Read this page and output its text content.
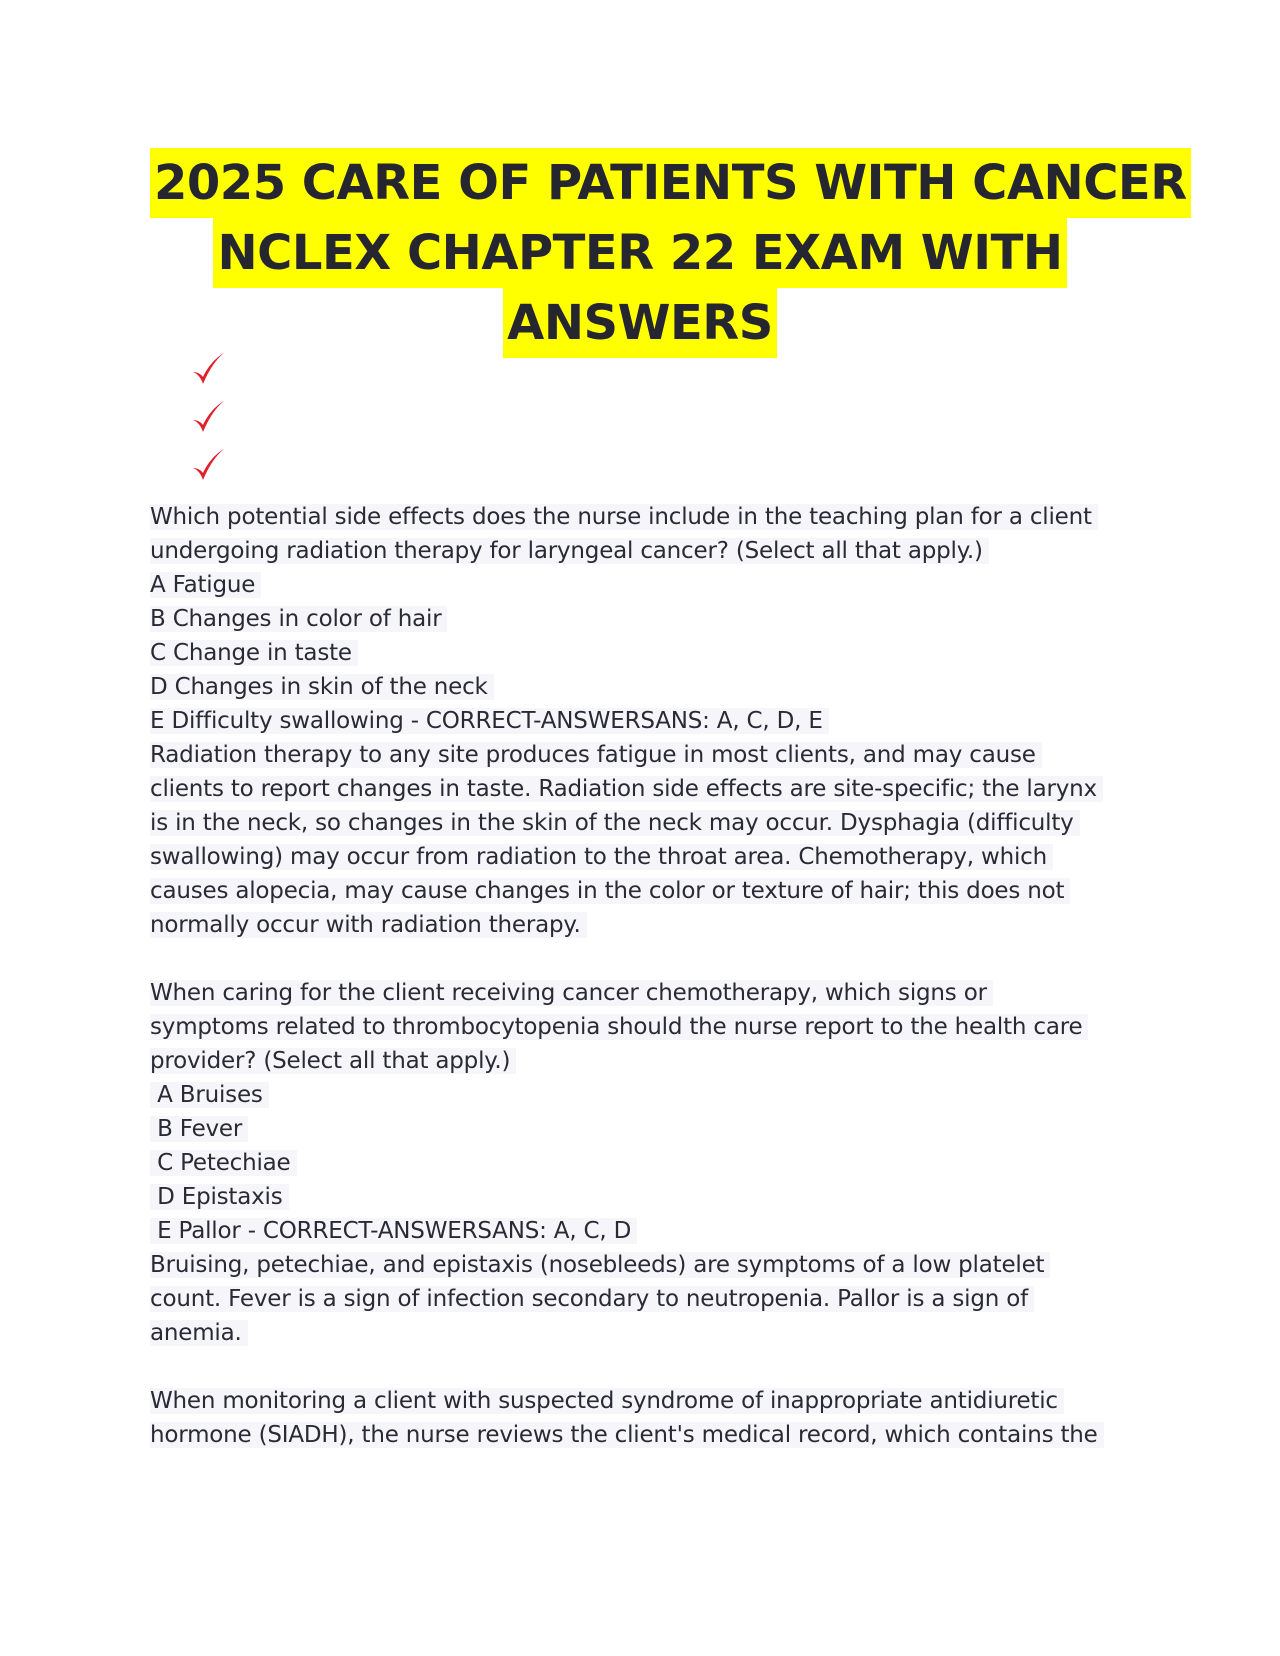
2025 CARE OF PATIENTS WITH CANCER
NCLEX CHAPTER 22 EXAM WITH
ANSWERS
Which potential side effects does the nurse include in the teaching plan for a client
undergoing radiation therapy for laryngeal cancer? (Select all that apply.)
A Fatigue
B Changes in color of hair
C Change in taste
D Changes in skin of the neck
E Difficulty swallowing - CORRECT-ANSWERSANS: A, C, D, E
Radiation therapy to any site produces fatigue in most clients, and may cause
clients to report changes in taste. Radiation side effects are site-specific; the larynx
is in the neck, so changes in the skin of the neck may occur. Dysphagia (difficulty
swallowing) may occur from radiation to the throat area. Chemotherapy, which
causes alopecia, may cause changes in the color or texture of hair; this does not
normally occur with radiation therapy.
When caring for the client receiving cancer chemotherapy, which signs or
symptoms related to thrombocytopenia should the nurse report to the health care
provider? (Select all that apply.)
A Bruises
B Fever
C Petechiae
D Epistaxis
E Pallor - CORRECT-ANSWERSANS: A, C, D
Bruising, petechiae, and epistaxis (nosebleeds) are symptoms of a low platelet
count. Fever is a sign of infection secondary to neutropenia. Pallor is a sign of
anemia.
When monitoring a client with suspected syndrome of inappropriate antidiuretic
hormone (SIADH), the nurse reviews the client's medical record, which contains the
